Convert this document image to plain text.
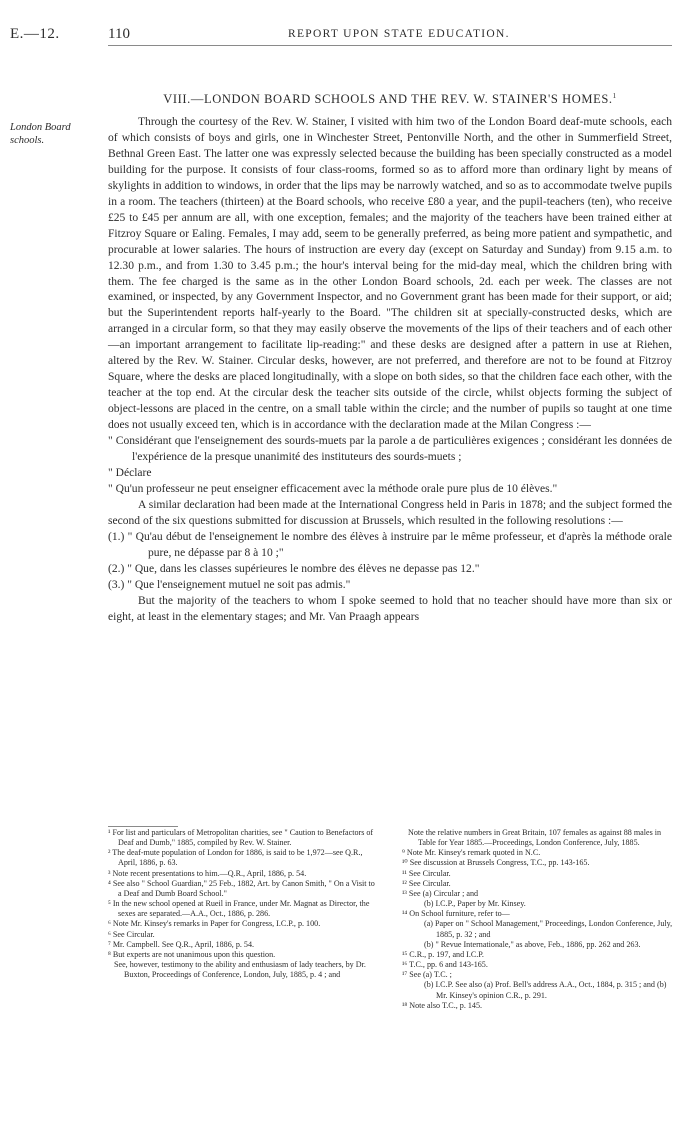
E.—12.	110	REPORT UPON STATE EDUCATION.
London Board schools.
VIII.—LONDON BOARD SCHOOLS AND THE REV. W. STAINER'S HOMES.$^1$

Through the courtesy of the Rev. W. Stainer, I visited with him two of the London Board deaf-mute schools, each of which consists of boys and girls, one in Winchester Street, Pentonville North, and the other in Summerfield Street, Bethnal Green East. The latter one was expressly selected because the building has been specially constructed as a model building for the purpose. It consists of four class-rooms, formed so as to afford more than ordinary light by means of skylights in addition to windows, in order that the lips may be narrowly watched, and so as to accommodate twelve pupils in a room. The teachers (thirteen) at the Board schools, who receive £80 a year, and the pupil-teachers (ten), who receive £25 to £45 per annum are all, with one exception, females; and the majority of the teachers have been trained either at Fitzroy Square or Ealing. Females, I may add, seem to be generally preferred, as being more patient and sympathetic, and procurable at lower salaries. The hours of instruction are every day (except on Saturday and Sunday) from 9.15 a.m. to 12.30 p.m., and from 1.30 to 3.45 p.m.; the hour's interval being for the mid-day meal, which the children bring with them. The fee charged is the same as in the other London Board schools, 2d. each per week. The classes are not examined, or inspected, by any Government Inspector, and no Government grant has been made for their support, or aid; but the Superintendent reports half-yearly to the Board. "The children sit at specially-constructed desks, which are arranged in a circular form, so that they may easily observe the movements of the lips of their teachers and of each other—an important arrangement to facilitate lip-reading:" and these desks are designed after a pattern in use at Riehen, altered by the Rev. W. Stainer. Circular desks, however, are not preferred, and therefore are not to be found at Fitzroy Square, where the desks are placed longitudinally, with a slope on both sides, so that the children face each other, with the teacher at the top end. At the circular desk the teacher sits outside of the circle, whilst objects forming the subject of object-lessons are placed in the centre, on a small table within the circle; and the number of pupils so taught at one time does not usually exceed ten, which is in accordance with the declaration made at the Milan Congress :—

" Considérant que l'enseignement des sourds-muets par la parole a de particulières exigences ; considérant les données de l'expérience de la presque unanimité des instituteurs des sourds-muets ;

" Déclare

" Qu'un professeur ne peut enseigner efficacement avec la méthode orale pure plus de 10 élèves."

A similar declaration had been made at the International Congress held in Paris in 1878; and the subject formed the second of the six questions submitted for discussion at Brussels, which resulted in the following resolutions :—

(1.) " Qu'au début de l'enseignement le nombre des élèves à instruire par le même professeur, et d'après la méthode orale pure, ne dépasse par 8 à 10 ;"

(2.) " Que, dans les classes supérieures le nombre des élèves ne depasse pas 12."

(3.) " Que l'enseignement mutuel ne soit pas admis."

But the majority of the teachers to whom I spoke seemed to hold that no teacher should have more than six or eight, at least in the elementary stages; and Mr. Van Praagh appears

¹ For list and particulars of Metropolitan charities, see " Caution to Benefactors of Deaf and Dumb," 1885, compiled by Rev. W. Stainer.
² The deaf-mute population of London for 1886, is said to be 1,972—see Q.R., April, 1886, p. 63.
³ Note recent presentations to him.—Q.R., April, 1886, p. 54.
⁴ See also " School Guardian," 25 Feb., 1882, Art. by Canon Smith, " On a Visit to a Deaf and Dumb Board School."
⁵ In the new school opened at Rueil in France, under Mr. Magnat as Director, the sexes are separated.—A.A., Oct., 1886, p. 286.
⁶ Note Mr. Kinsey's remarks in Paper for Congress, I.C.P., p. 100.
⁶ See Circular.
⁷ Mr. Campbell. See Q.R., April, 1886, p. 54.
⁸ But experts are not unanimous upon this question.
See, however, testimony to the ability and enthusiasm of lady teachers, by Dr. Buxton, Proceedings of Conference, London, July, 1885, p. 4 ; and
Note the relative numbers in Great Britain, 107 females as against 88 males in Table for Year 1885.—Proceedings, London Conference, July, 1885.
⁹ Note Mr. Kinsey's remark quoted in N.C.
¹⁰ See discussion at Brussels Congress, T.C., pp. 143-165.
¹¹ See Circular.
¹² See Circular.
¹³ See (a) Circular ; and
(b) I.C.P., Paper by Mr. Kinsey.
¹⁴ On School furniture, refer to—
(a) Paper on " School Management," Proceedings, London Conference, July, 1885, p. 32 ; and
(b) " Revue Internationale," as above, Feb., 1886, pp. 262 and 263.
¹⁵ C.R., p. 197, and I.C.P.
¹⁶ T.C., pp. 6 and 143-165.
¹⁷ See (a) T.C. ;
(b) I.C.P. See also (a) Prof. Bell's address A.A., Oct., 1884, p. 315 ; and (b) Mr. Kinsey's opinion C.R., p. 291.
¹⁸ Note also T.C., p. 145.
